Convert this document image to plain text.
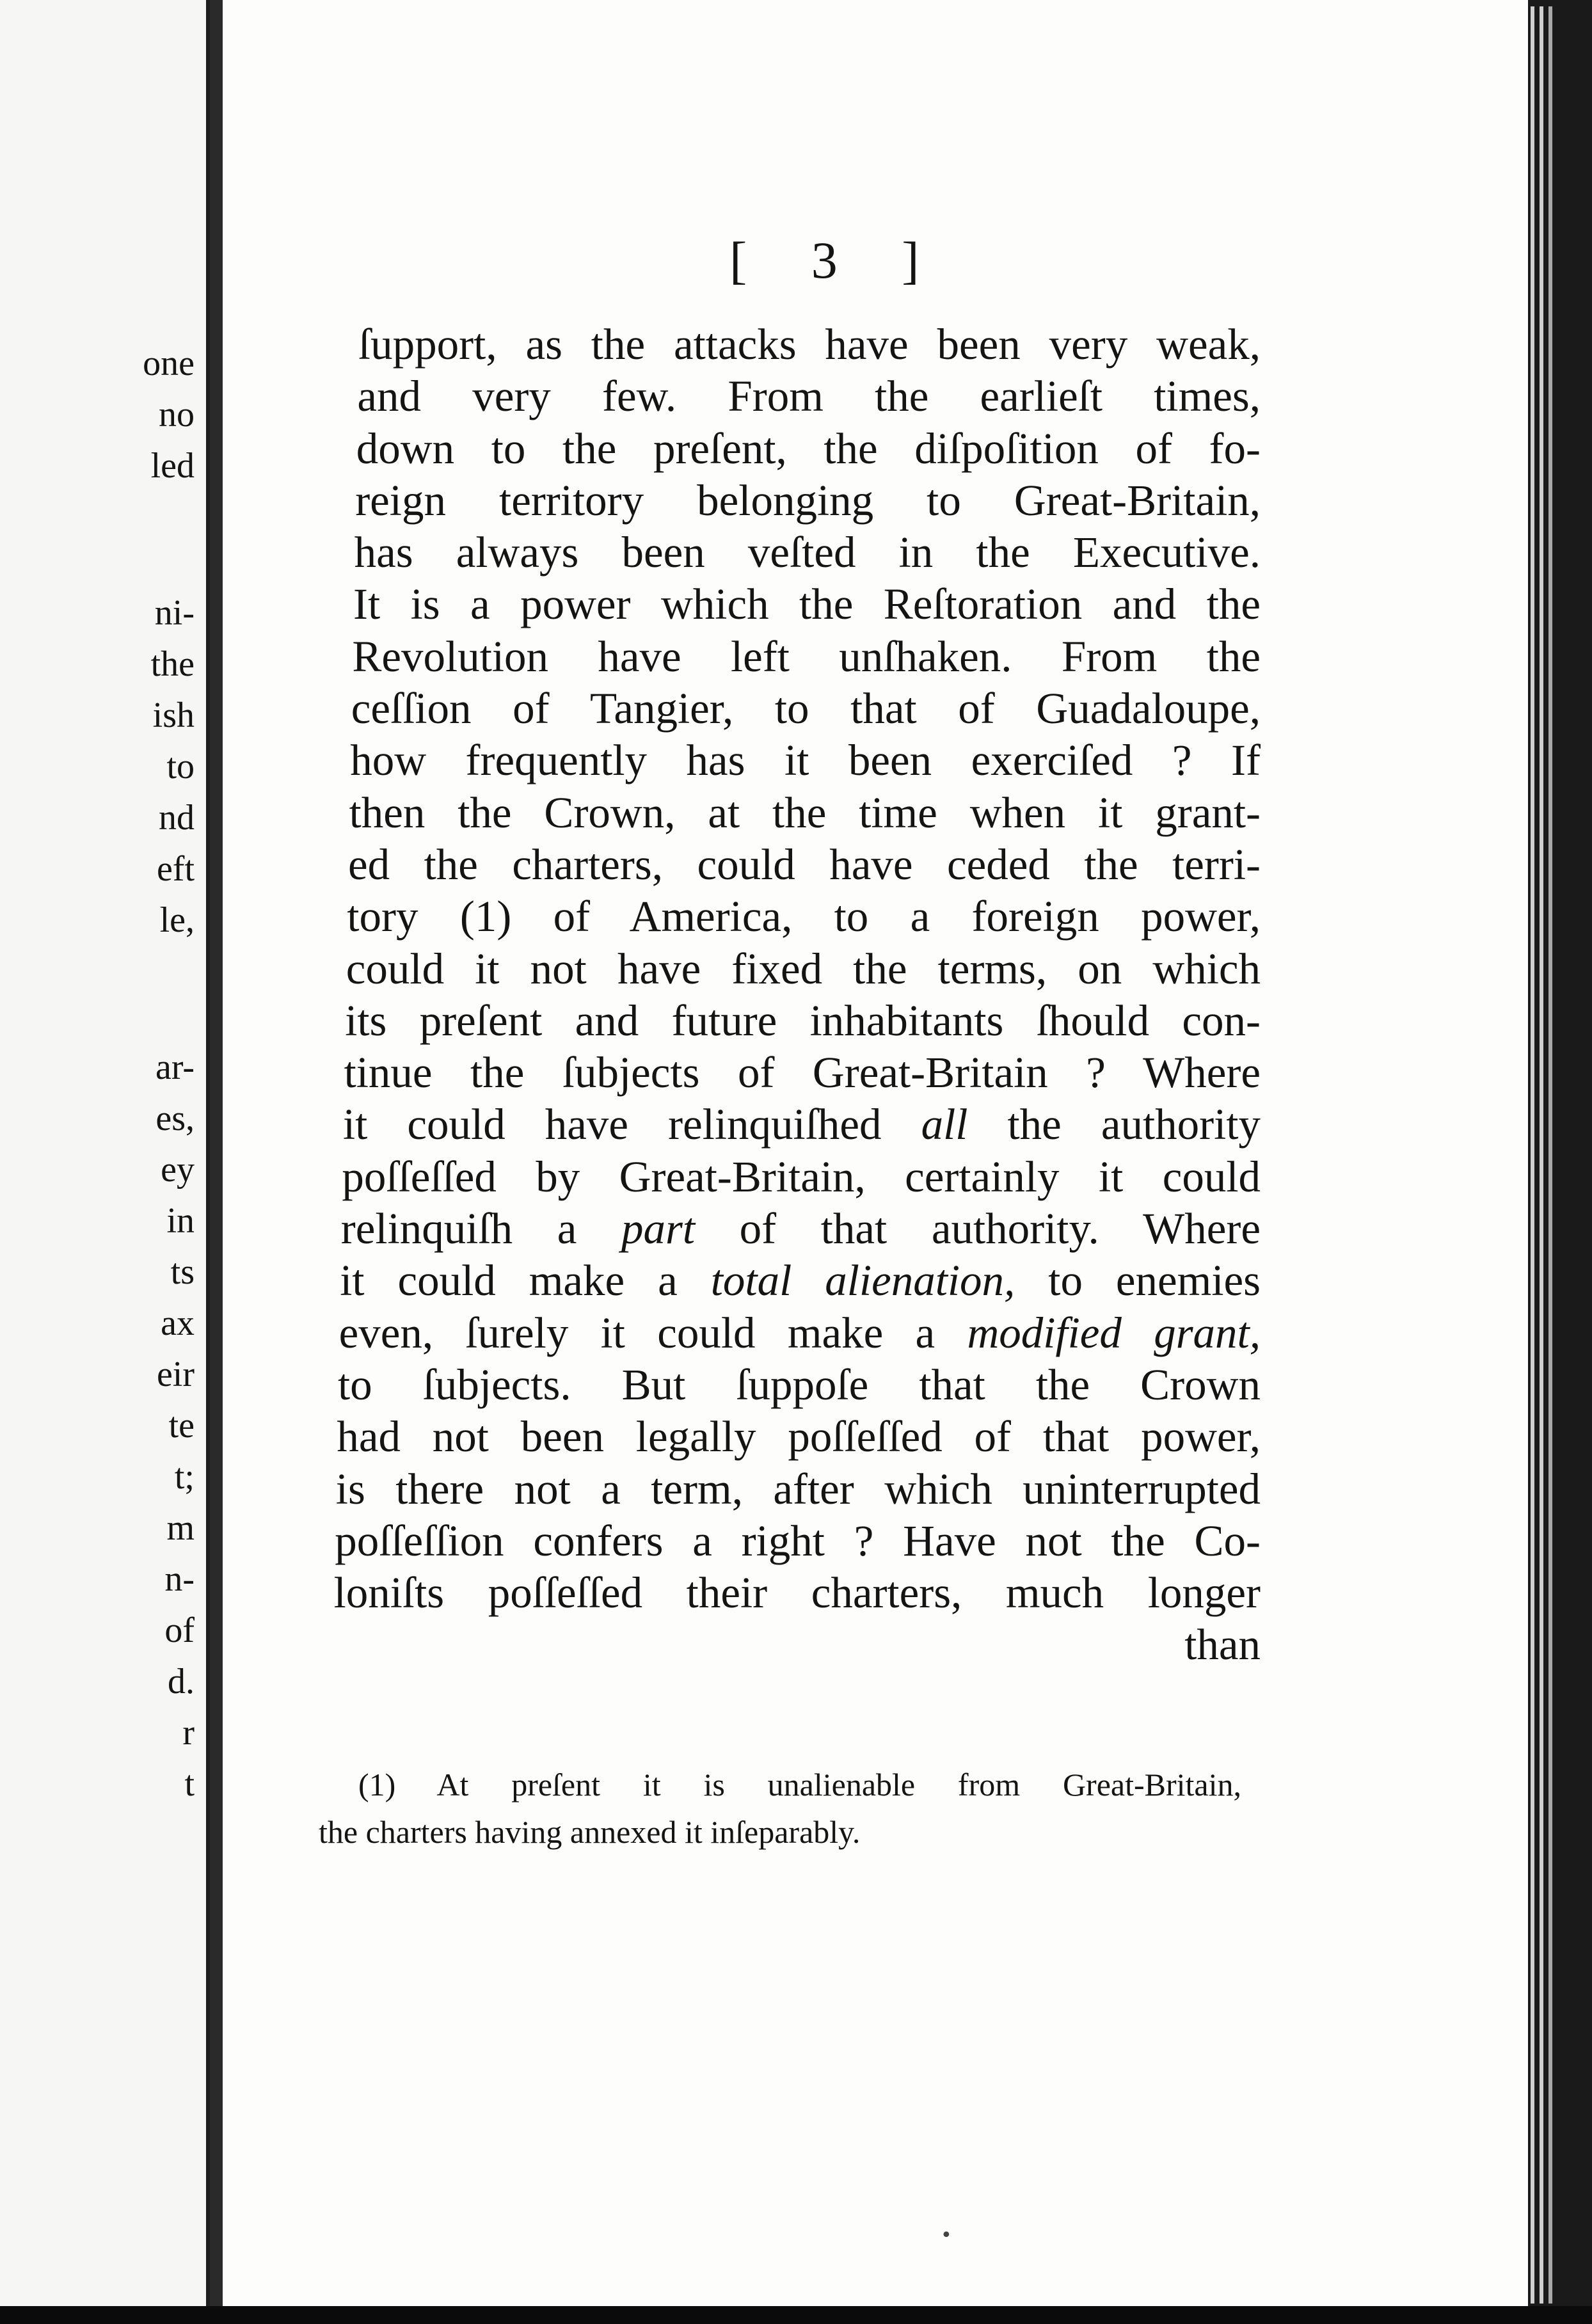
one
no
led
ni-
the
ish
to
nd
eft
le,
ar-
es,
ey
in
ts
ax
eir
te
t;
m
n-
of
d.
r
t
[ 3 ]
ſupport, as the attacks have been very weak,
and very few. From the earlieſt times,
down to the preſent, the diſpoſition of fo-
reign territory belonging to Great-Britain,
has always been veſted in the Executive.
It is a power which the Reſtoration and the
Revolution have left unſhaken. From the
ceſſion of Tangier, to that of Guadaloupe,
how frequently has it been exerciſed ? If
then the Crown, at the time when it grant-
ed the charters, could have ceded the terri-
tory (1) of America, to a foreign power,
could it not have fixed the terms, on which
its preſent and future inhabitants ſhould con-
tinue the ſubjects of Great-Britain ? Where
it could have relinquiſhed all the authority
poſſeſſed by Great-Britain, certainly it could
relinquiſh a part of that authority. Where
it could make a total alienation, to enemies
even, ſurely it could make a modified grant,
to ſubjects. But ſuppoſe that the Crown
had not been legally poſſeſſed of that power,
is there not a term, after which uninterrupted
poſſeſſion confers a right ? Have not the Co-
loniſts poſſeſſed their charters, much longer
than
(1) At preſent it is unalienable from Great-Britain,
the charters having annexed it inſeparably.
•
